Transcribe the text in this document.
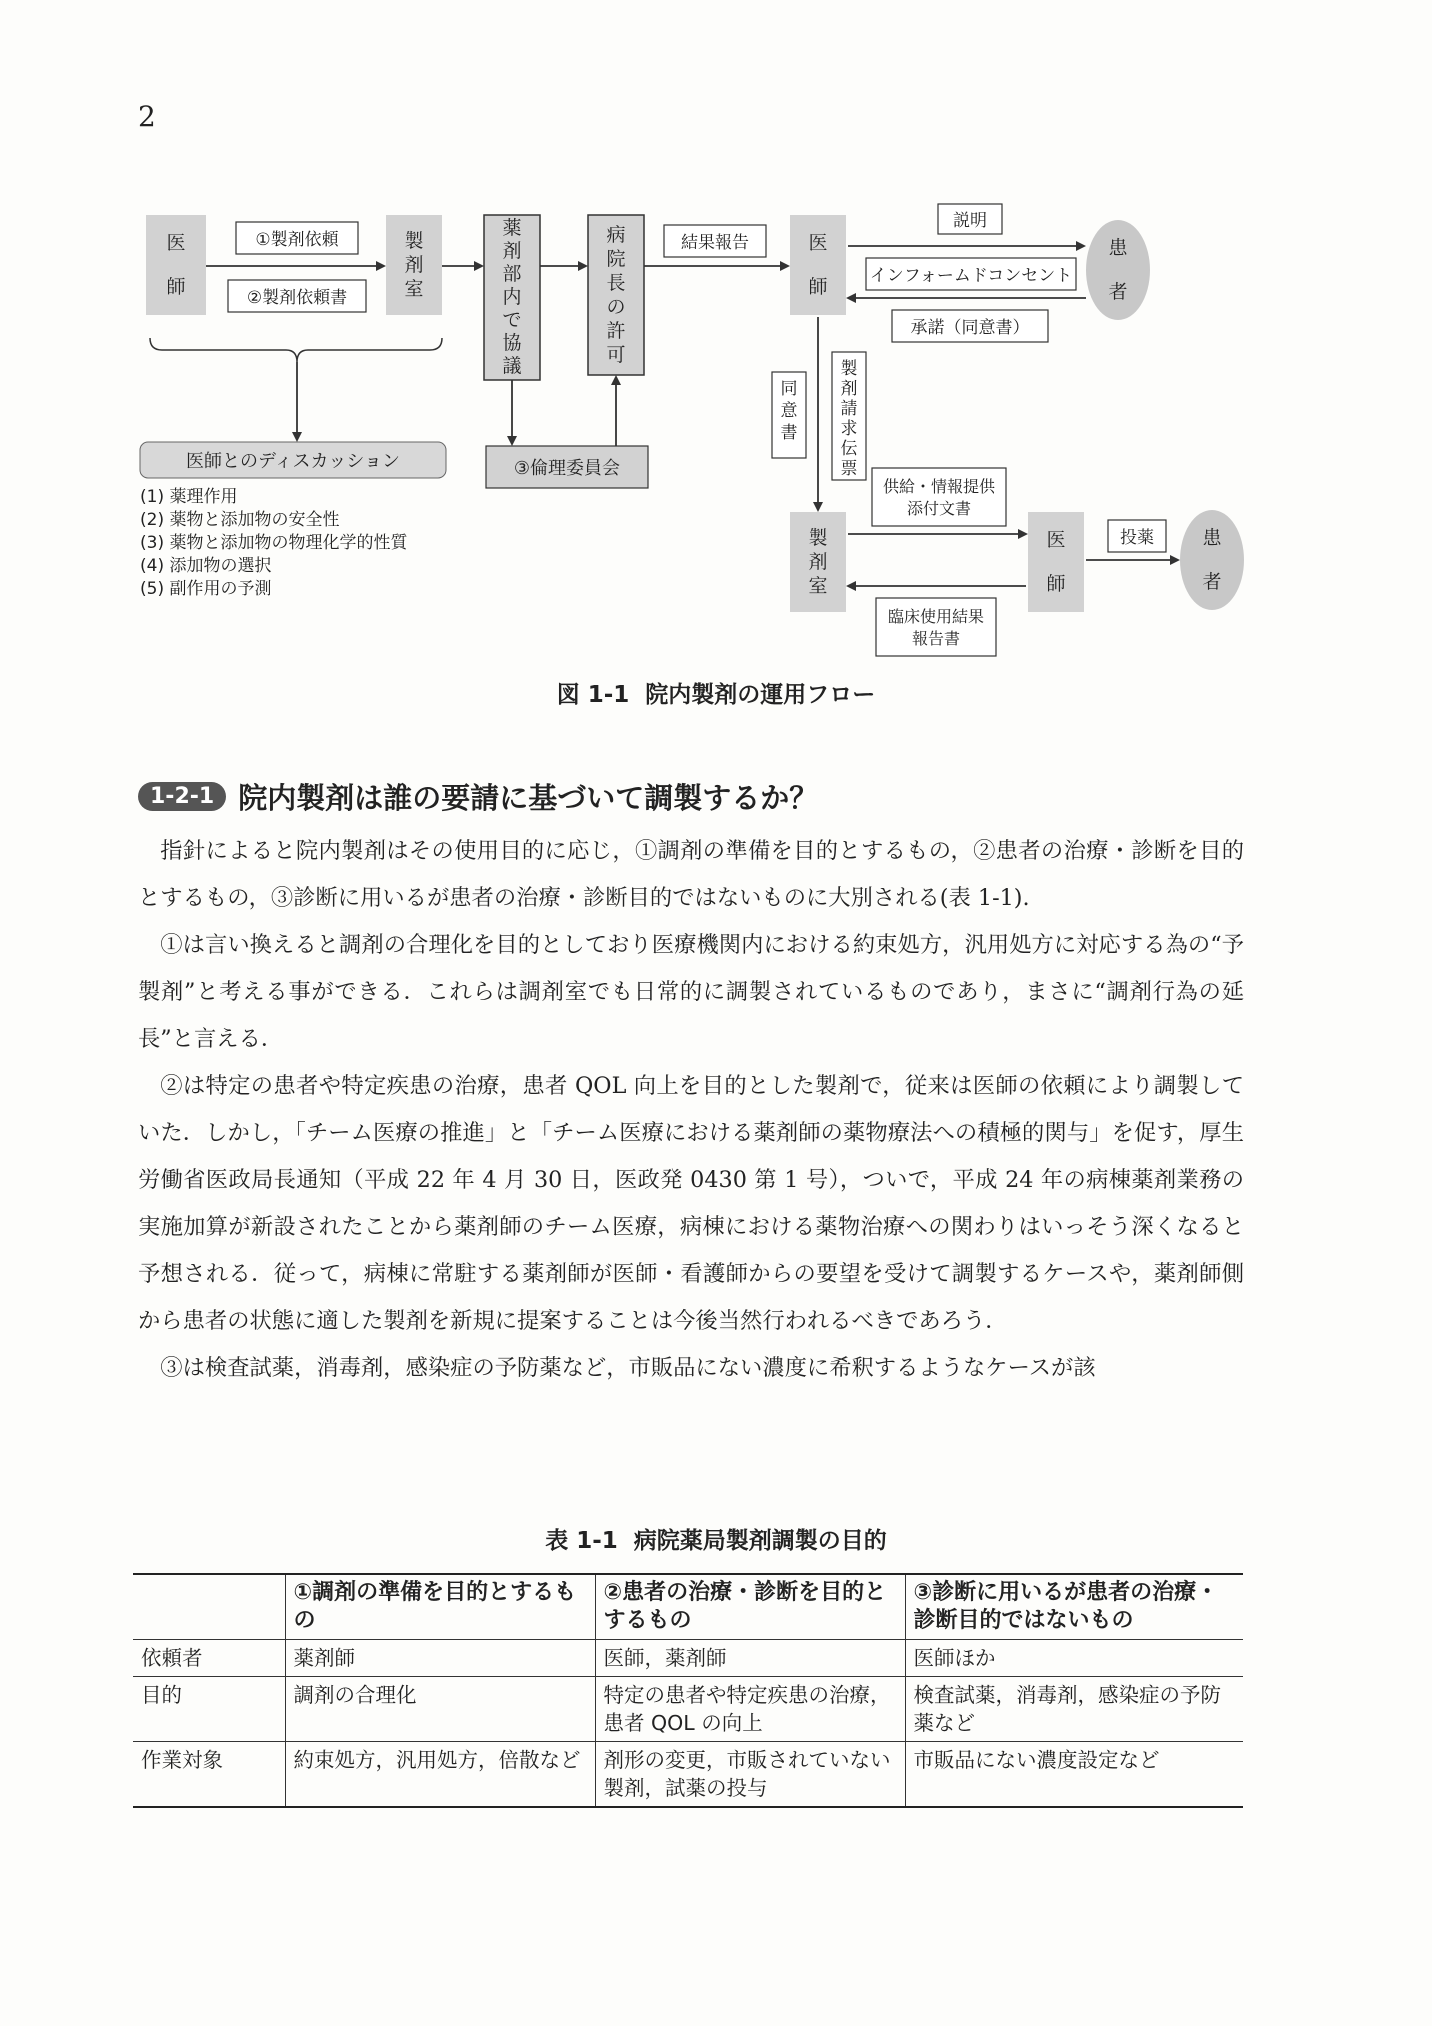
2
医師
製剤室
薬剤部内で協議
病院長の許可
医師
製剤室
医師
患者
患者
①製剤依頼
②製剤依頼書
結果報告
説明
インフォームドコンセント
承諾（同意書）
同意書
製剤請求伝票
供給・情報提供添付文書
臨床使用結果報告書
投薬
③倫理委員会
医師とのディスカッション
(1) 薬理作用(2) 薬物と添加物の安全性(3) 薬物と添加物の物理化学的性質(4) 添加物の選択(5) 副作用の予測
図 1-1 院内製剤の運用フロー
1-2-1 院内製剤は誰の要請に基づいて調製するか？

指針によると院内製剤はその使用目的に応じ，①調剤の準備を目的とするもの，②患者の治療・診断を目的とするもの，③診断に用いるが患者の治療・診断目的ではないものに大別される(表 1-1).

①は言い換えると調剤の合理化を目的としており医療機関内における約束処方，汎用処方に対応する為の“予製剤”と考える事ができる．これらは調剤室でも日常的に調製されているものであり，まさに“調剤行為の延長”と言える．

②は特定の患者や特定疾患の治療，患者 QOL 向上を目的とした製剤で，従来は医師の依頼により調製していた．しかし，「チーム医療の推進」と「チーム医療における薬剤師の薬物療法への積極的関与」を促す，厚生労働省医政局長通知（平成 22 年 4 月 30 日，医政発 0430 第 1 号），ついで，平成 24 年の病棟薬剤業務の実施加算が新設されたことから薬剤師のチーム医療，病棟における薬物治療への関わりはいっそう深くなると予想される．従って，病棟に常駐する薬剤師が医師・看護師からの要望を受けて調製するケースや，薬剤師側から患者の状態に適した製剤を新規に提案することは今後当然行われるべきであろう．

③は検査試薬，消毒剤，感染症の予防薬など，市販品にない濃度に希釈するようなケースが該

表 1-1 病院薬局製剤調製の目的
	①調剤の準備を目的とするもの	②患者の治療・診断を目的とするもの	③診断に用いるが患者の治療・診断目的ではないもの
依頼者	薬剤師	医師，薬剤師	医師ほか
目的	調剤の合理化	特定の患者や特定疾患の治療，患者 QOL の向上	検査試薬，消毒剤，感染症の予防薬など
作業対象	約束処方，汎用処方，倍散など	剤形の変更，市販されていない製剤，試薬の投与	市販品にない濃度設定など
